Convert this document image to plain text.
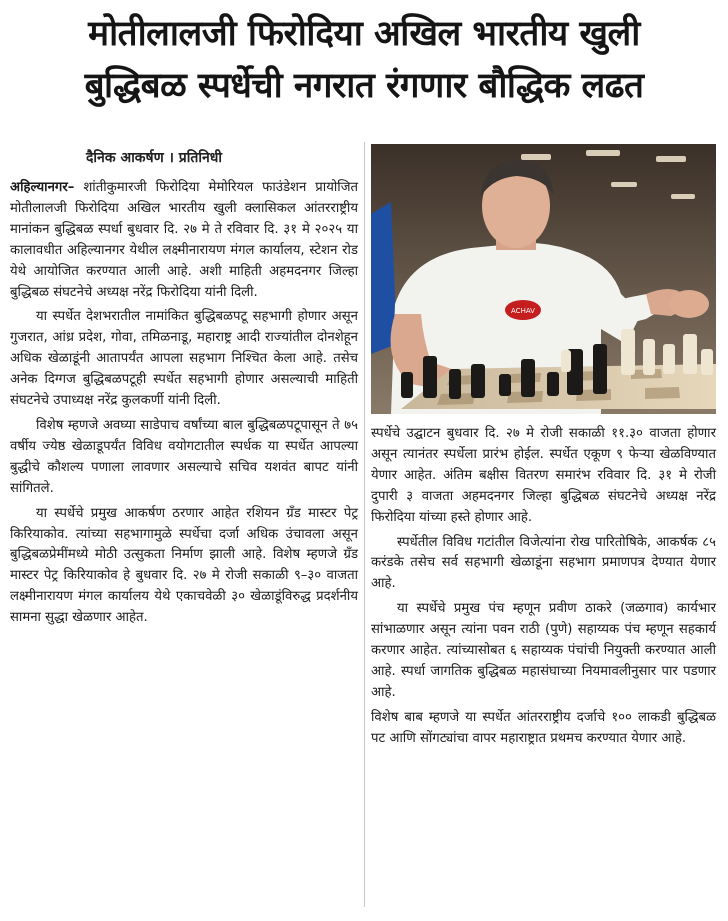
मोतीलालजी फिरोदिया अखिल भारतीय खुली
बुद्धिबळ स्पर्धेची नगरात रंगणार बौद्धिक लढत
दैनिक आकर्षण । प्रतिनिधी

अहिल्यानगर– शांतीकुमारजी फिरोदिया मेमोरियल फाउंडेशन प्रायोजित मोतीलालजी फिरोदिया अखिल भारतीय खुली क्लासिकल आंतरराष्ट्रीय मानांकन बुद्धिबळ स्पर्धा बुधवार दि. २७ मे ते रविवार दि. ३१ मे २०२५ या कालावधीत अहिल्यानगर येथील लक्ष्मीनारायण मंगल कार्यालय, स्टेशन रोड येथे आयोजित करण्यात आली आहे. अशी माहिती अहमदनगर जिल्हा बुद्धिबळ संघटनेचे अध्यक्ष नरेंद्र फिरोदिया यांनी दिली.

या स्पर्धेत देशभरातील नामांकित बुद्धिबळपटू सहभागी होणार असून गुजरात, आंध्र प्रदेश, गोवा, तमिळनाडू, महाराष्ट्र आदी राज्यांतील दोनशेहून अधिक खेळाडूंनी आतापर्यंत आपला सहभाग निश्चित केला आहे. तसेच अनेक दिग्गज बुद्धिबळपटूही स्पर्धेत सहभागी होणार असल्याची माहिती संघटनेचे उपाध्यक्ष नरेंद्र कुलकर्णी यांनी दिली.

विशेष म्हणजे अवघ्या साडेपाच वर्षांच्या बाल बुद्धिबळपटूपासून ते ७५ वर्षीय ज्येष्ठ खेळाडूपर्यंत विविध वयोगटातील स्पर्धक या स्पर्धेत आपल्या बुद्धीचे कौशल्य पणाला लावणार असल्याचे सचिव यशवंत बापट यांनी सांगितले.

या स्पर्धेचे प्रमुख आकर्षण ठरणार आहेत रशियन ग्रँड मास्टर पेट्र किरियाकोव. त्यांच्या सहभागामुळे स्पर्धेचा दर्जा अधिक उंचावला असून बुद्धिबळप्रेमींमध्ये मोठी उत्सुकता निर्माण झाली आहे. विशेष म्हणजे ग्रँड मास्टर पेट्र किरियाकोव हे बुधवार दि. २७ मे रोजी सकाळी ९–३० वाजता लक्ष्मीनारायण मंगल कार्यालय येथे एकाचवेळी ३० खेळाडूंविरुद्ध प्रदर्शनीय सामना सुद्धा खेळणार आहेत.

ACHAV

स्पर्धेचे उद्घाटन बुधवार दि. २७ मे रोजी सकाळी ११.३० वाजता होणार असून त्यानंतर स्पर्धेला प्रारंभ होईल. स्पर्धेत एकूण ९ फेऱ्या खेळविण्यात येणार आहेत. अंतिम बक्षीस वितरण समारंभ रविवार दि. ३१ मे रोजी दुपारी ३ वाजता अहमदनगर जिल्हा बुद्धिबळ संघटनेचे अध्यक्ष नरेंद्र फिरोदिया यांच्या हस्ते होणार आहे.

स्पर्धेतील विविध गटांतील विजेत्यांना रोख पारितोषिके, आकर्षक ८५ करंडके तसेच सर्व सहभागी खेळाडूंना सहभाग प्रमाणपत्र देण्यात येणार आहे.

या स्पर्धेचे प्रमुख पंच म्हणून प्रवीण ठाकरे (जळगाव) कार्यभार सांभाळणार असून त्यांना पवन राठी (पुणे) सहाय्यक पंच म्हणून सहकार्य करणार आहेत. त्यांच्यासोबत ६ सहाय्यक पंचांची नियुक्ती करण्यात आली आहे. स्पर्धा जागतिक बुद्धिबळ महासंघाच्या नियमावलीनुसार पार पडणार आहे.

विशेष बाब म्हणजे या स्पर्धेत आंतरराष्ट्रीय दर्जाचे १०० लाकडी बुद्धिबळ पट आणि सोंगट्यांचा वापर महाराष्ट्रात प्रथमच करण्यात येणार आहे.
